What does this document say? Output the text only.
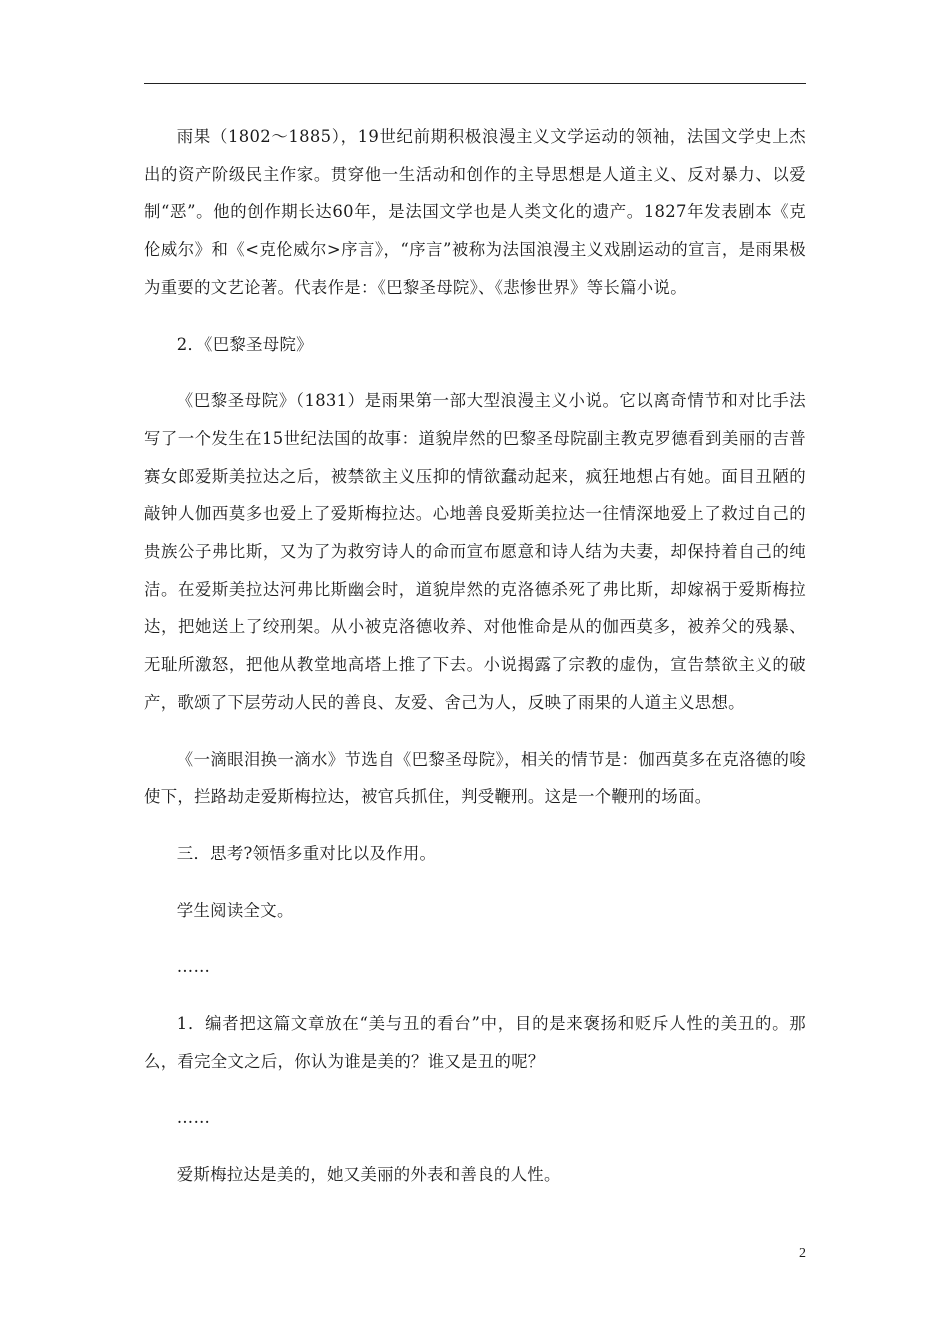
雨果（1802～1885），19世纪前期积极浪漫主义文学运动的领袖，法国文学史上杰出的资产阶级民主作家。贯穿他一生活动和创作的主导思想是人道主义、反对暴力、以爱制“恶”。他的创作期长达60年，是法国文学也是人类文化的遗产。1827年发表剧本《克伦威尔》和《<克伦威尔>序言》，“序言”被称为法国浪漫主义戏剧运动的宣言，是雨果极为重要的文艺论著。代表作是：《巴黎圣母院》、《悲惨世界》等长篇小说。

2．《巴黎圣母院》

《巴黎圣母院》（1831）是雨果第一部大型浪漫主义小说。它以离奇情节和对比手法写了一个发生在15世纪法国的故事：道貌岸然的巴黎圣母院副主教克罗德看到美丽的吉普赛女郎爱斯美拉达之后，被禁欲主义压抑的情欲蠢动起来，疯狂地想占有她。面目丑陋的敲钟人伽西莫多也爱上了爱斯梅拉达。心地善良爱斯美拉达一往情深地爱上了救过自己的贵族公子弗比斯，又为了为救穷诗人的命而宣布愿意和诗人结为夫妻，却保持着自己的纯洁。在爱斯美拉达河弗比斯幽会时，道貌岸然的克洛德杀死了弗比斯，却嫁祸于爱斯梅拉达，把她送上了绞刑架。从小被克洛德收养、对他惟命是从的伽西莫多，被养父的残暴、无耻所激怒，把他从教堂地高塔上推了下去。小说揭露了宗教的虚伪，宣告禁欲主义的破产，歌颂了下层劳动人民的善良、友爱、舍己为人，反映了雨果的人道主义思想。

《一滴眼泪换一滴水》节选自《巴黎圣母院》，相关的情节是：伽西莫多在克洛德的唆使下，拦路劫走爱斯梅拉达，被官兵抓住，判受鞭刑。这是一个鞭刑的场面。

三．思考?领悟多重对比以及作用。

学生阅读全文。

……

1．编者把这篇文章放在“美与丑的看台”中，目的是来褒扬和贬斥人性的美丑的。那么，看完全文之后，你认为谁是美的？谁又是丑的呢？

……

爱斯梅拉达是美的，她又美丽的外表和善良的人性。

2
